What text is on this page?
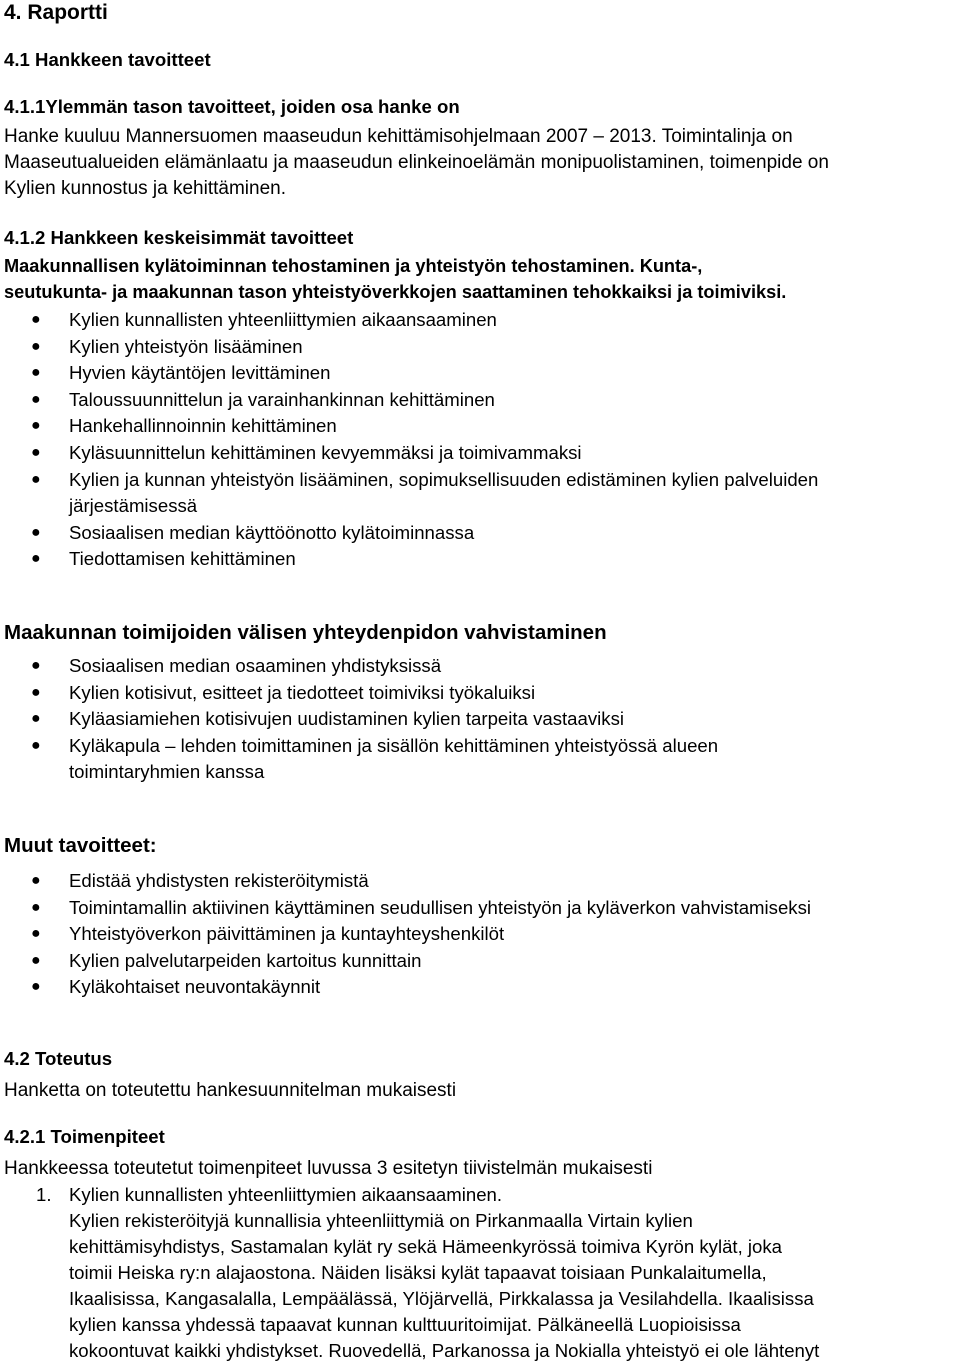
4. Raportti
4.1 Hankkeen tavoitteet
4.1.1Ylemmän tason tavoitteet, joiden osa hanke on
Hanke kuuluu Mannersuomen maaseudun kehittämisohjelmaan 2007 – 2013. Toimintalinja on
Maaseutualueiden elämänlaatu ja maaseudun elinkeinoelämän monipuolistaminen, toimenpide on
Kylien kunnostus ja kehittäminen.
4.1.2 Hankkeen keskeisimmät tavoitteet
Maakunnallisen kylätoiminnan tehostaminen ja yhteistyön tehostaminen. Kunta-,
seutukunta- ja maakunnan tason yhteistyöverkkojen saattaminen tehokkaiksi ja toimiviksi.
● Kylien kunnallisten yhteenliittymien aikaansaaminen
● Kylien yhteistyön lisääminen
● Hyvien käytäntöjen levittäminen
● Taloussuunnittelun ja varainhankinnan kehittäminen
● Hankehallinnoinnin kehittäminen
● Kyläsuunnittelun kehittäminen kevyemmäksi ja toimivammaksi
● Kylien ja kunnan yhteistyön lisääminen, sopimuksellisuuden edistäminen kylien palveluiden
järjestämisessä
● Sosiaalisen median käyttöönotto kylätoiminnassa
● Tiedottamisen kehittäminen
Maakunnan toimijoiden välisen yhteydenpidon vahvistaminen
● Sosiaalisen median osaaminen yhdistyksissä
● Kylien kotisivut, esitteet ja tiedotteet toimiviksi työkaluiksi
● Kyläasiamiehen kotisivujen uudistaminen kylien tarpeita vastaaviksi
● Kyläkapula – lehden toimittaminen ja sisällön kehittäminen yhteistyössä alueen
toimintaryhmien kanssa
Muut tavoitteet:
● Edistää yhdistysten rekisteröitymistä
● Toimintamallin aktiivinen käyttäminen seudullisen yhteistyön ja kyläverkon vahvistamiseksi
● Yhteistyöverkon päivittäminen ja kuntayhteyshenkilöt
● Kylien palvelutarpeiden kartoitus kunnittain
● Kyläkohtaiset neuvontakäynnit
4.2 Toteutus
Hanketta on toteutettu hankesuunnitelman mukaisesti
4.2.1 Toimenpiteet
Hankkeessa toteutetut toimenpiteet luvussa 3 esitetyn tiivistelmän mukaisesti
1. Kylien kunnallisten yhteenliittymien aikaansaaminen.
Kylien rekisteröityjä kunnallisia yhteenliittymiä on Pirkanmaalla Virtain kylien
kehittämisyhdistys, Sastamalan kylät ry sekä Hämeenkyrössä toimiva Kyrön kylät, joka
toimii Heiska ry:n alajaostona. Näiden lisäksi kylät tapaavat toisiaan Punkalaitumella,
Ikaalisissa, Kangasalalla, Lempäälässä, Ylöjärvellä, Pirkkalassa ja Vesilahdella. Ikaalisissa
kylien kanssa yhdessä tapaavat kunnan kulttuuritoimijat. Pälkäneellä Luopioisissa
kokoontuvat kaikki yhdistykset. Ruovedellä, Parkanossa ja Nokialla yhteistyö ei ole lähtenyt
